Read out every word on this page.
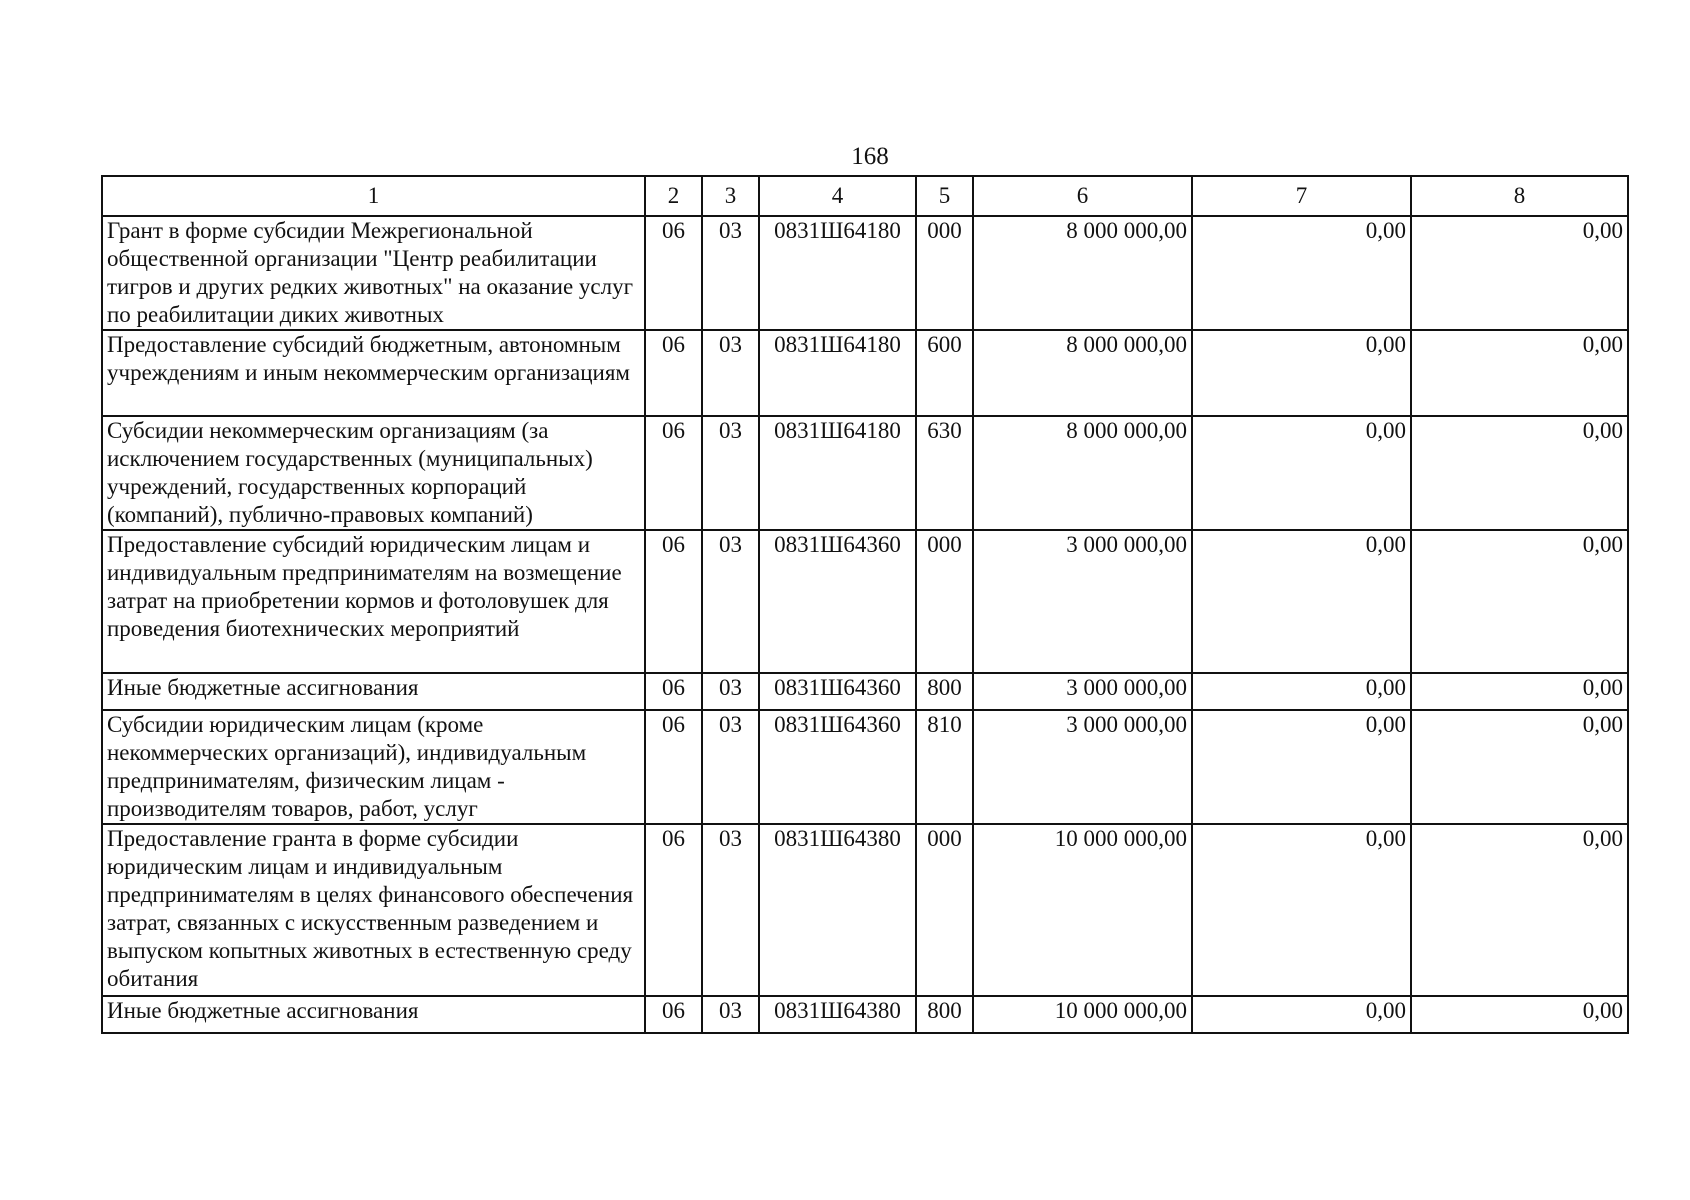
168
1	2	3	4	5	6	7	8
Грант в форме субсидии Межрегиональной общественной организации "Центр реабилитации тигров и других редких животных" на оказание услуг по реабилитации диких животных	06	03	0831Ш64180	000	8 000 000,00	0,00	0,00
Предоставление субсидий бюджетным, автономным учреждениям и иным некоммерческим организациям	06	03	0831Ш64180	600	8 000 000,00	0,00	0,00
Субсидии некоммерческим организациям (за исключением государственных (муниципальных) учреждений, государственных корпораций (компаний), публично-правовых компаний)	06	03	0831Ш64180	630	8 000 000,00	0,00	0,00
Предоставление субсидий юридическим лицам и индивидуальным предпринимателям на возмещение затрат на приобретении кормов и фотоловушек для проведения биотехнических мероприятий	06	03	0831Ш64360	000	3 000 000,00	0,00	0,00
Иные бюджетные ассигнования	06	03	0831Ш64360	800	3 000 000,00	0,00	0,00
Субсидии юридическим лицам (кроме некоммерческих организаций), индивидуальным предпринимателям, физическим лицам - производителям товаров, работ, услуг	06	03	0831Ш64360	810	3 000 000,00	0,00	0,00
Предоставление гранта в форме субсидии юридическим лицам и индивидуальным предпринимателям в целях финансового обеспечения затрат, связанных с искусственным разведением и выпуском копытных животных в естественную среду обитания	06	03	0831Ш64380	000	10 000 000,00	0,00	0,00
Иные бюджетные ассигнования	06	03	0831Ш64380	800	10 000 000,00	0,00	0,00
